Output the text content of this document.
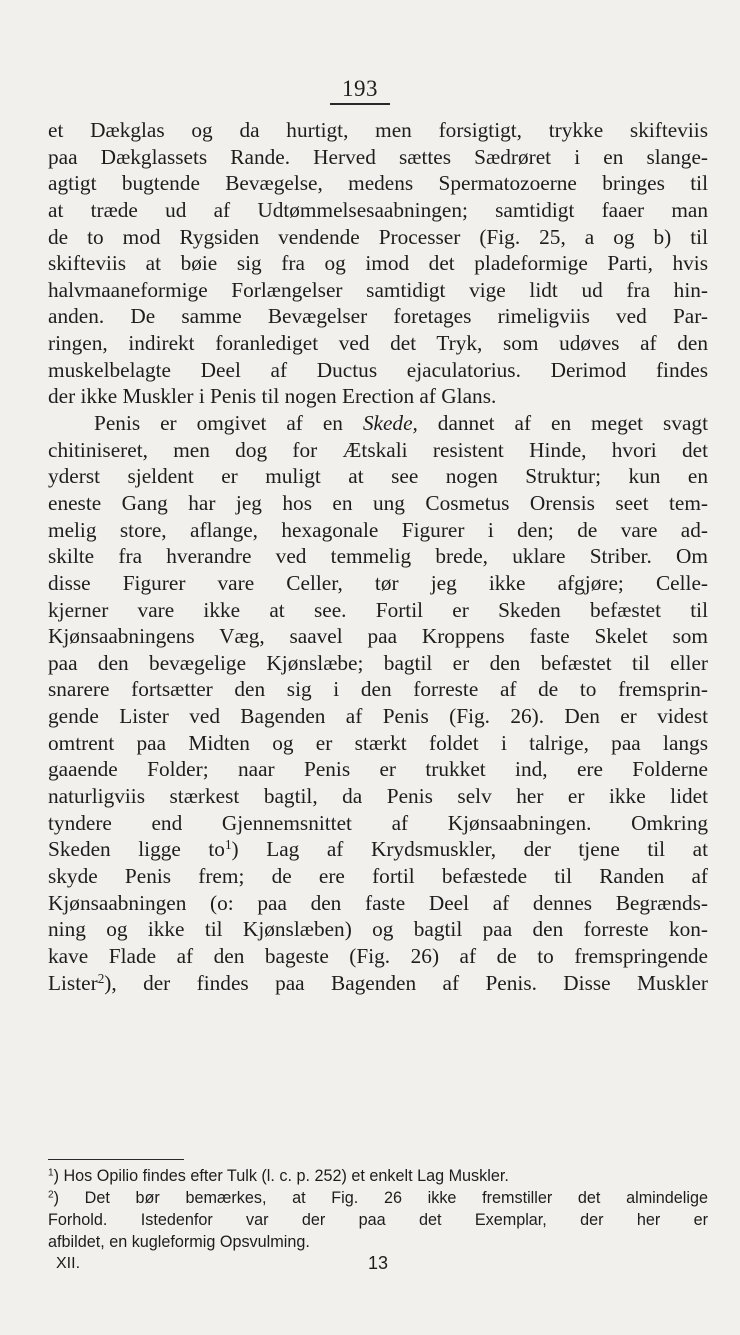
193
et Dækglas og da hurtigt, men forsigtigt, trykke skifteviis
paa Dækglassets Rande. Herved sættes Sædrøret i en slange-
agtigt bugtende Bevægelse, medens Spermatozoerne bringes til
at træde ud af Udtømmelsesaabningen; samtidigt faaer man
de to mod Rygsiden vendende Processer (Fig. 25, a og b) til
skifteviis at bøie sig fra og imod det pladeformige Parti, hvis
halvmaaneformige Forlængelser samtidigt vige lidt ud fra hin-
anden. De samme Bevægelser foretages rimeligviis ved Par-
ringen, indirekt foranlediget ved det Tryk, som udøves af den
muskelbelagte Deel af Ductus ejaculatorius. Derimod findes
der ikke Muskler i Penis til nogen Erection af Glans.
Penis er omgivet af en Skede, dannet af en meget svagt
chitiniseret, men dog for Ætskali resistent Hinde, hvori det
yderst sjeldent er muligt at see nogen Struktur; kun en
eneste Gang har jeg hos en ung Cosmetus Orensis seet tem-
melig store, aflange, hexagonale Figurer i den; de vare ad-
skilte fra hverandre ved temmelig brede, uklare Striber. Om
disse Figurer vare Celler, tør jeg ikke afgjøre; Celle-
kjerner vare ikke at see. Fortil er Skeden befæstet til
Kjønsaabningens Væg, saavel paa Kroppens faste Skelet som
paa den bevægelige Kjønslæbe; bagtil er den befæstet til eller
snarere fortsætter den sig i den forreste af de to fremsprin-
gende Lister ved Bagenden af Penis (Fig. 26). Den er videst
omtrent paa Midten og er stærkt foldet i talrige, paa langs
gaaende Folder; naar Penis er trukket ind, ere Folderne
naturligviis stærkest bagtil, da Penis selv her er ikke lidet
tyndere end Gjennemsnittet af Kjønsaabningen. Omkring
Skeden ligge $to^1$) Lag af Krydsmuskler, der tjene til at
skyde Penis frem; de ere fortil befæstede til Randen af
Kjønsaabningen (o: paa den faste Deel af dennes Begrænds-
ning og ikke til Kjønslæben) og bagtil paa den forreste kon-
kave Flade af den bageste (Fig. 26) af de to fremspringende
Lister$^2$), der findes paa Bagenden af Penis. Disse Muskler
$^1$) Hos Opilio findes efter Tulk (l. c. p. 252) et enkelt Lag Muskler.
$^2$) Det bør bemærkes, at Fig. 26 ikke fremstiller det almindelige
Forhold. Istedenfor var der paa det Exemplar, der her er
afbildet, en kugleformig Opsvulming.
XII.	13
